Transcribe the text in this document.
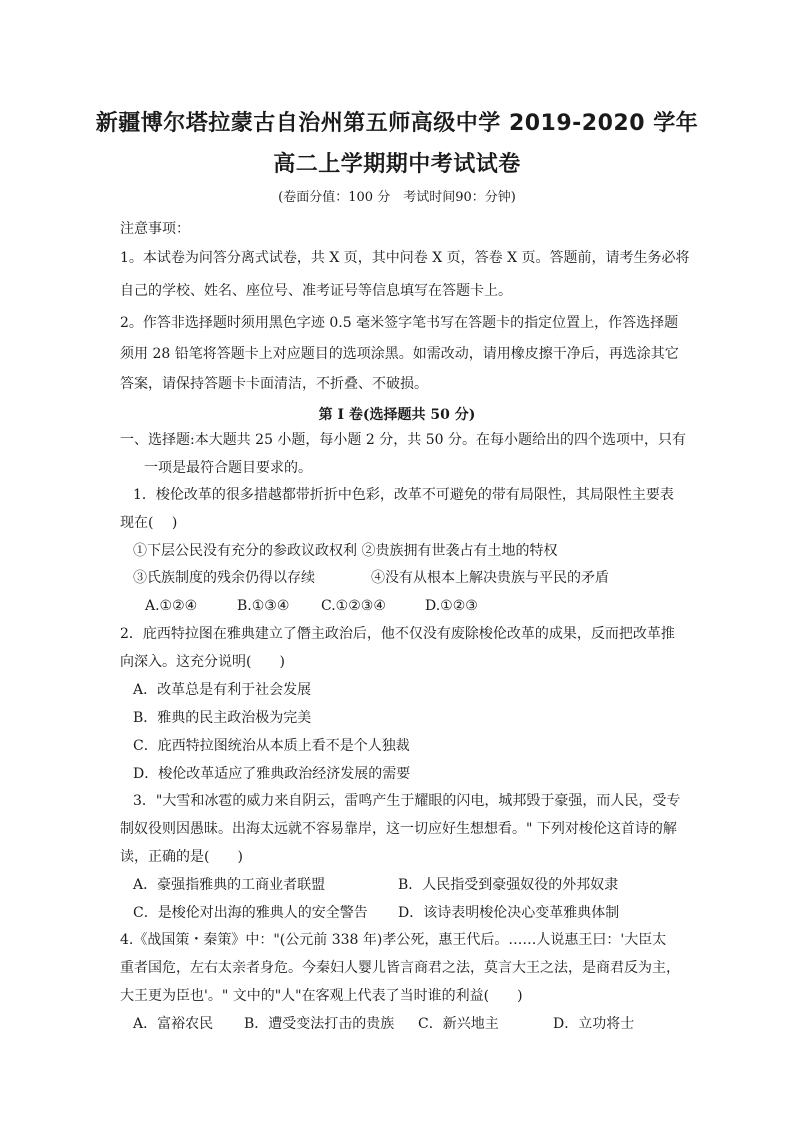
新疆博尔塔拉蒙古自治州第五师高级中学 2019-2020 学年
高二上学期期中考试试卷
(卷面分值：100 分　考试时间90：分钟)
注意事项：
1。本试卷为问答分离式试卷，共 X 页，其中问卷 X 页，答卷 X 页。答题前，请考生务必将
自己的学校、姓名、座位号、准考证号等信息填写在答题卡上。
2。作答非选择题时须用黑色字迹 0.5 毫米签字笔书写在答题卡的指定位置上，作答选择题
须用 28 铅笔将答题卡上对应题目的选项涂黑。如需改动，请用橡皮擦干净后，再选涂其它
答案，请保持答题卡卡面清洁，不折叠、不破损。
第 I 卷(选择题共 50 分)
一、选择题:本大题共 25 小题，每小题 2 分，共 50 分。在每小题给出的四个选项中，只有
一项是最符合题目要求的。
1．梭伦改革的很多措越都带折折中色彩，改革不可避免的带有局限性，其局限性主要表
现在(　 )
①下层公民没有充分的参政议政权利 ②贵族拥有世袭占有土地的特权
③氏族制度的残余仍得以存续　　　　④没有从根本上解决贵族与平民的矛盾
A.①②④	B.①③④ C.①②③④	D.①②③
2．庇西特拉图在雅典建立了僭主政治后，他不仅没有废除梭伦改革的成果，反而把改革推
向深入。这充分说明(　　)
A．改革总是有利于社会发展
B．雅典的民主政治极为完美
C．庇西特拉图统治从本质上看不是个人独裁
D．梭伦改革适应了雅典政治经济发展的需要
3．"大雪和冰雹的威力来自阴云，雷鸣产生于耀眼的闪电，城邦毁于豪强，而人民，受专
制奴役则因愚昧。出海太远就不容易靠岸，这一切应好生想想看。" 下列对梭伦这首诗的解
读，正确的是(　　)
A．豪强指雅典的工商业者联盟	B．人民指受到豪强奴役的外邦奴隶
C．是梭伦对出海的雅典人的安全警告 D．该诗表明梭伦决心变革雅典体制
4.《战国策・秦策》中："(公元前 338 年)孝公死，惠王代后。……人说惠王曰：'大臣太
重者国危，左右太亲者身危。今秦妇人婴儿皆言商君之法，莫言大王之法，是商君反为主，
大王更为臣也'。" 文中的"人"在客观上代表了当时谁的利益(　　)
A．富裕农民 B．遭受变法打击的贵族 C．新兴地主	D．立功将士
